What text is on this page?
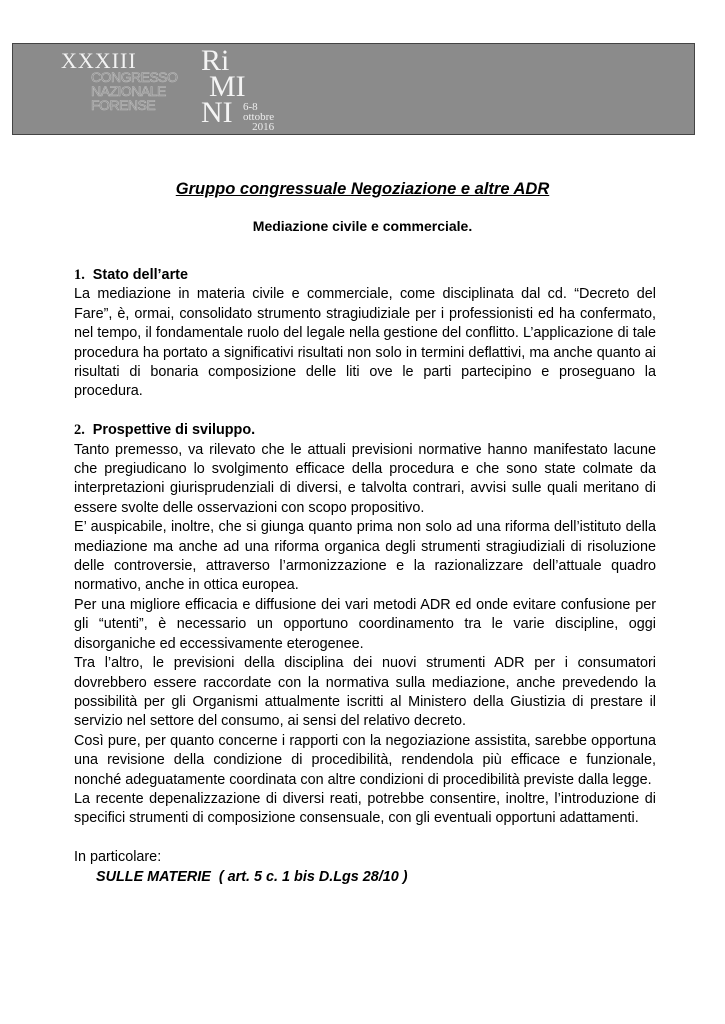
XXXIII
CONGRESSO
NAZIONALE
FORENSE
Ri
MI
NI 6-8
ottobre
2016
Gruppo congressuale Negoziazione e altre ADR
Mediazione civile e commerciale.

1. Stato dell’arte

La mediazione in materia civile e commerciale, come disciplinata dal cd. “Decreto del Fare”, è, ormai, consolidato strumento stragiudiziale per i professionisti ed ha confermato, nel tempo, il fondamentale ruolo del legale nella gestione del conflitto. L’applicazione di tale procedura ha portato a significativi risultati non solo in termini deflattivi, ma anche quanto ai risultati di bonaria composizione delle liti ove le parti partecipino e proseguano la procedura.

2. Prospettive di sviluppo.

Tanto premesso, va rilevato che le attuali previsioni normative hanno manifestato lacune che pregiudicano lo svolgimento efficace della procedura e che sono state colmate da interpretazioni giurisprudenziali di diversi, e talvolta contrari, avvisi sulle quali meritano di essere svolte delle osservazioni con scopo propositivo.

E’ auspicabile, inoltre, che si giunga quanto prima non solo ad una riforma dell’istituto della mediazione ma anche ad una riforma organica degli strumenti stragiudiziali di risoluzione delle controversie, attraverso l’armonizzazione e la razionalizzare dell’attuale quadro normativo, anche in ottica europea.

Per una migliore efficacia e diffusione dei vari metodi ADR ed onde evitare confusione per gli “utenti”, è necessario un opportuno coordinamento tra le varie discipline, oggi disorganiche ed eccessivamente eterogenee.

Tra l’altro, le previsioni della disciplina dei nuovi strumenti ADR per i consumatori dovrebbero essere raccordate con la normativa sulla mediazione, anche prevedendo la possibilità per gli Organismi attualmente iscritti al Ministero della Giustizia di prestare il servizio nel settore del consumo, ai sensi del relativo decreto.

Così pure, per quanto concerne i rapporti con la negoziazione assistita, sarebbe opportuna una revisione della condizione di procedibilità, rendendola più efficace e funzionale, nonché adeguatamente coordinata con altre condizioni di procedibilità previste dalla legge.

La recente depenalizzazione di diversi reati, potrebbe consentire, inoltre, l’introduzione di specifici strumenti di composizione consensuale, con gli eventuali opportuni adattamenti.

In particolare:

SULLE MATERIE  ( art. 5 c. 1 bis D.Lgs 28/10 )
